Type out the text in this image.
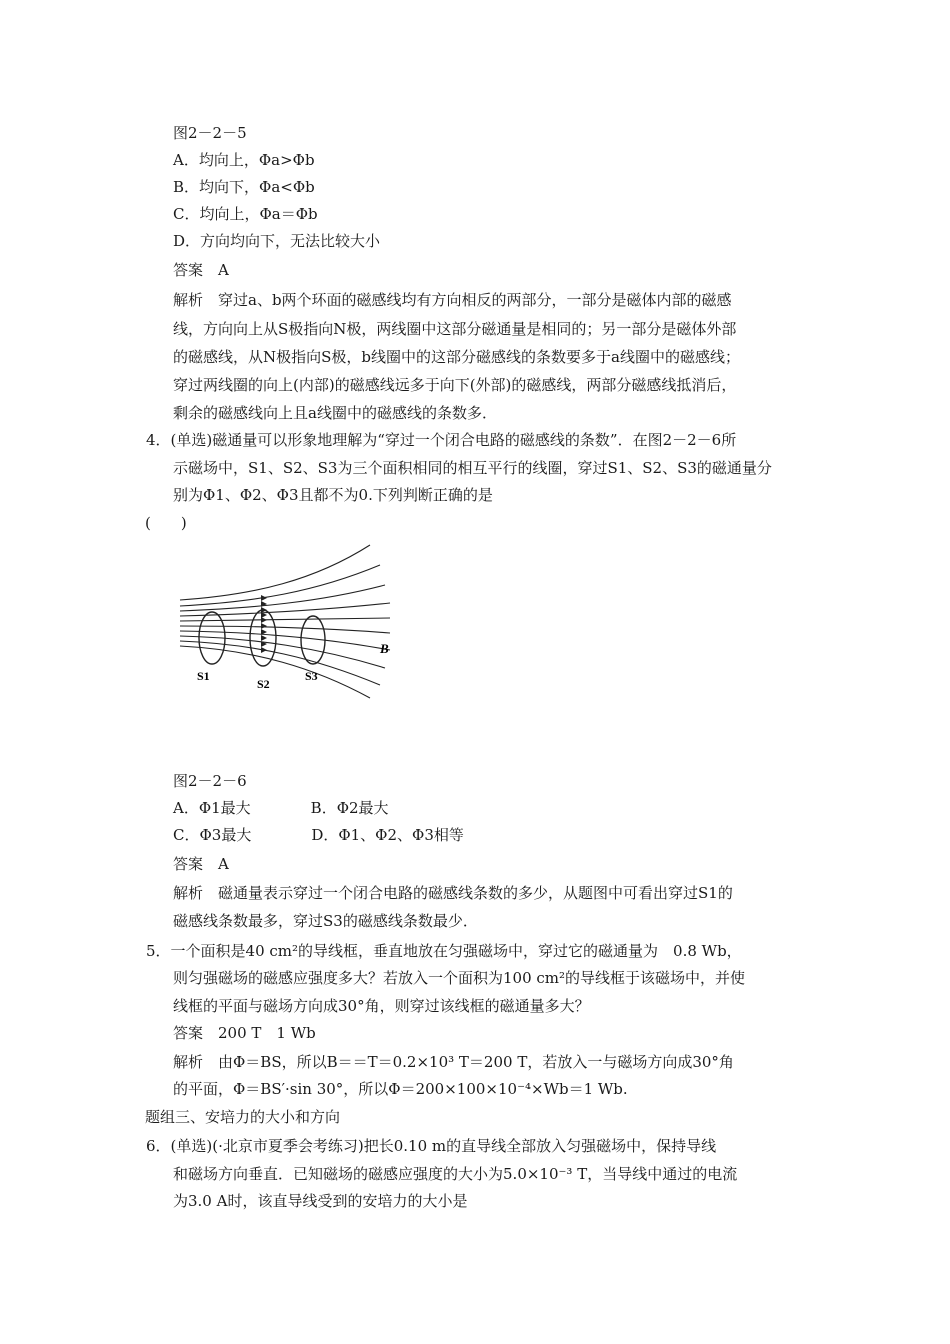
图2－2－5
A．均向上，Φa>Φb
B．均向下，Φa<Φb
C．均向上，Φa＝Φb
D．方向均向下，无法比较大小
答案　A
解析　穿过a、b两个环面的磁感线均有方向相反的两部分，一部分是磁体内部的磁感
线，方向向上从S极指向N极，两线圈中这部分磁通量是相同的；另一部分是磁体外部
的磁感线，从N极指向S极，b线圈中的这部分磁感线的条数要多于a线圈中的磁感线；
穿过两线圈的向上(内部)的磁感线远多于向下(外部)的磁感线，两部分磁感线抵消后，
剩余的磁感线向上且a线圈中的磁感线的条数多．
4．(单选)磁通量可以形象地理解为“穿过一个闭合电路的磁感线的条数”．在图2－2－6所
示磁场中，S1、S2、S3为三个面积相同的相互平行的线圈，穿过S1、S2、S3的磁通量分
别为Φ1、Φ2、Φ3且都不为0.下列判断正确的是
(　　)
B
S1
S2
S3
图2－2－6
A．Φ1最大　　　　B．Φ2最大
C．Φ3最大　　　　D．Φ1、Φ2、Φ3相等
答案　A
解析　磁通量表示穿过一个闭合电路的磁感线条数的多少，从题图中可看出穿过S1的
磁感线条数最多，穿过S3的磁感线条数最少．
5．一个面积是40 cm²的导线框，垂直地放在匀强磁场中，穿过它的磁通量为　0.8 Wb，
则匀强磁场的磁感应强度多大？若放入一个面积为100 cm²的导线框于该磁场中，并使
线框的平面与磁场方向成30°角，则穿过该线框的磁通量多大？
答案　200 T　1 Wb
解析　由Φ＝BS，所以B＝＝T＝0.2×10³ T＝200 T，若放入一与磁场方向成30°角
的平面，Φ＝BS′·sin 30°，所以Φ＝200×100×10⁻⁴×Wb＝1 Wb.
题组三、安培力的大小和方向
6．(单选)(·北京市夏季会考练习)把长0.10 m的直导线全部放入匀强磁场中，保持导线
和磁场方向垂直．已知磁场的磁感应强度的大小为5.0×10⁻³ T，当导线中通过的电流
为3.0 A时，该直导线受到的安培力的大小是
